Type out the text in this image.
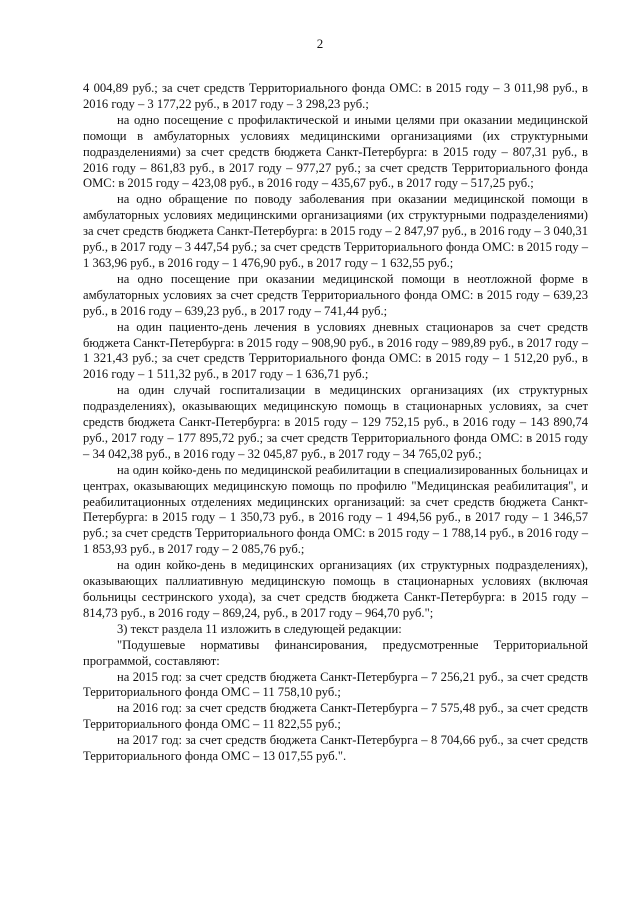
2

4 004,89 руб.; за счет средств Территориального фонда ОМС: в 2015 году – 3 011,98 руб., в 2016 году – 3 177,22 руб., в 2017 году – 3 298,23 руб.;

на одно посещение с профилактической и иными целями при оказании медицинской помощи в амбулаторных условиях медицинскими организациями (их структурными подразделениями) за счет средств бюджета Санкт-Петербурга: в 2015 году – 807,31 руб., в 2016 году – 861,83 руб., в 2017 году – 977,27 руб.; за счет средств Территориального фонда ОМС: в 2015 году – 423,08 руб., в 2016 году – 435,67 руб., в 2017 году – 517,25 руб.;

на одно обращение по поводу заболевания при оказании медицинской помощи в амбулаторных условиях медицинскими организациями (их структурными подразделениями) за счет средств бюджета Санкт-Петербурга: в 2015 году – 2 847,97 руб., в 2016 году – 3 040,31 руб., в 2017 году – 3 447,54 руб.; за счет средств Территориального фонда ОМС: в 2015 году – 1 363,96 руб., в 2016 году – 1 476,90 руб., в 2017 году – 1 632,55 руб.;

на одно посещение при оказании медицинской помощи в неотложной форме в амбулаторных условиях за счет средств Территориального фонда ОМС: в 2015 году – 639,23 руб., в 2016 году – 639,23 руб., в 2017 году – 741,44 руб.;

на один пациенто-день лечения в условиях дневных стационаров за счет средств бюджета Санкт-Петербурга: в 2015 году – 908,90 руб., в 2016 году – 989,89 руб., в 2017 году – 1 321,43 руб.; за счет средств Территориального фонда ОМС: в 2015 году – 1 512,20 руб., в 2016 году – 1 511,32 руб., в 2017 году – 1 636,71 руб.;

на один случай госпитализации в медицинских организациях (их структурных подразделениях), оказывающих медицинскую помощь в стационарных условиях, за счет средств бюджета Санкт-Петербурга: в 2015 году – 129 752,15 руб., в 2016 году – 143 890,74 руб., 2017 году – 177 895,72 руб.; за счет средств Территориального фонда ОМС: в 2015 году – 34 042,38 руб., в 2016 году – 32 045,87 руб., в 2017 году – 34 765,02 руб.;

на один койко-день по медицинской реабилитации в специализированных больницах и центрах, оказывающих медицинскую помощь по профилю "Медицинская реабилитация", и реабилитационных отделениях медицинских организаций: за счет средств бюджета Санкт-Петербурга: в 2015 году – 1 350,73 руб., в 2016 году – 1 494,56 руб., в 2017 году – 1 346,57 руб.; за счет средств Территориального фонда ОМС: в 2015 году – 1 788,14 руб., в 2016 году – 1 853,93 руб., в 2017 году – 2 085,76 руб.;

на один койко-день в медицинских организациях (их структурных подразделениях), оказывающих паллиативную медицинскую помощь в стационарных условиях (включая больницы сестринского ухода), за счет средств бюджета Санкт-Петербурга: в 2015 году – 814,73 руб., в 2016 году – 869,24, руб., в 2017 году – 964,70 руб.";

3) текст раздела 11 изложить в следующей редакции:

"Подушевые нормативы финансирования, предусмотренные Территориальной программой, составляют:

на 2015 год: за счет средств бюджета Санкт-Петербурга – 7 256,21 руб., за счет средств Территориального фонда ОМС – 11 758,10 руб.;

на 2016 год: за счет средств бюджета Санкт-Петербурга – 7 575,48 руб., за счет средств Территориального фонда ОМС – 11 822,55 руб.;

на 2017 год: за счет средств бюджета Санкт-Петербурга – 8 704,66 руб., за счет средств Территориального фонда ОМС – 13 017,55 руб.".
